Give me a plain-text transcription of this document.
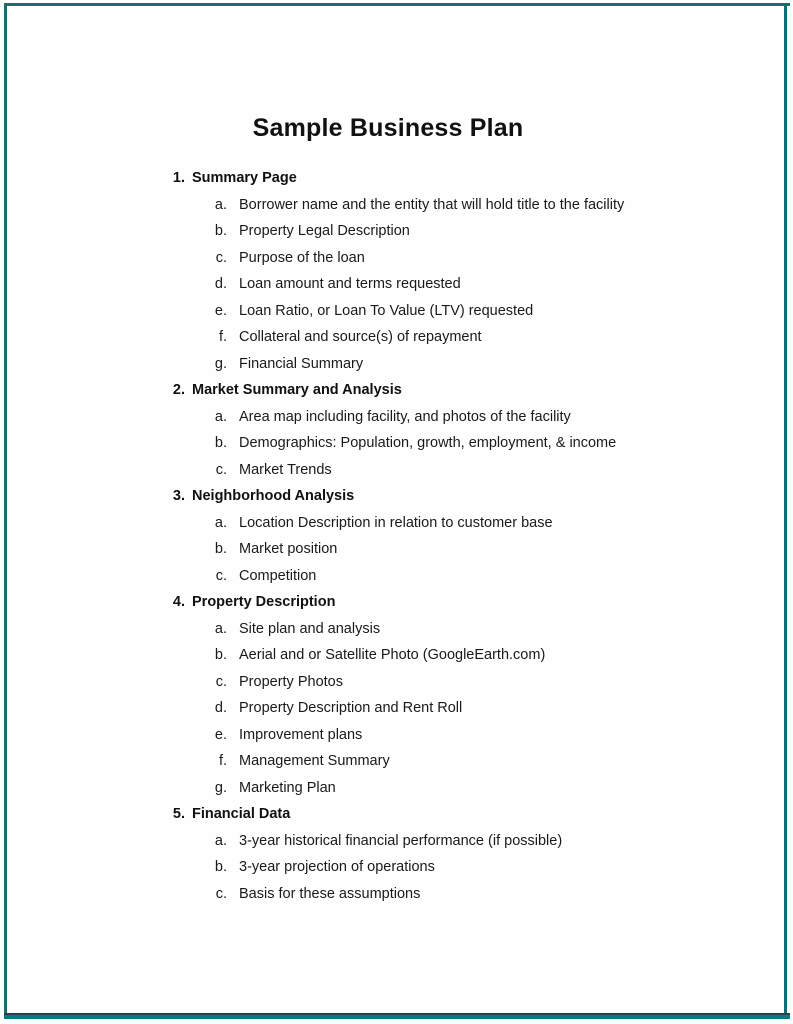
Sample Business Plan
1. Summary Page
a. Borrower name and the entity that will hold title to the facility
b. Property Legal Description
c. Purpose of the loan
d. Loan amount and terms requested
e. Loan Ratio, or Loan To Value (LTV) requested
f. Collateral and source(s) of repayment
g. Financial Summary
2. Market Summary and Analysis
a. Area map including facility, and photos of the facility
b. Demographics: Population, growth, employment, & income
c. Market Trends
3. Neighborhood Analysis
a. Location Description in relation to customer base
b. Market position
c. Competition
4. Property Description
a. Site plan and analysis
b. Aerial and or Satellite Photo (GoogleEarth.com)
c. Property Photos
d. Property Description and Rent Roll
e. Improvement plans
f. Management Summary
g. Marketing Plan
5. Financial Data
a. 3-year historical financial performance (if possible)
b. 3-year projection of operations
c. Basis for these assumptions
